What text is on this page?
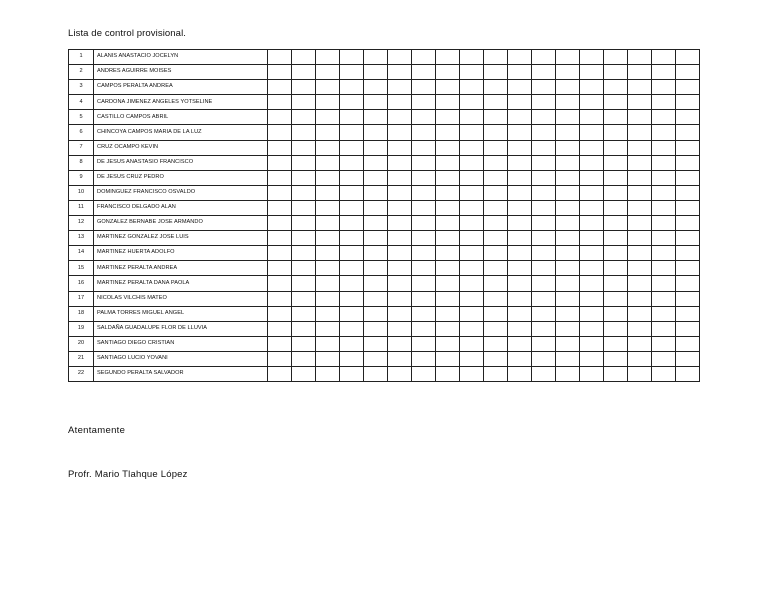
Lista de control provisional.
1	ALANIS ANASTACIO JOCELYN																		
2	ANDRES AGUIRRE MOISES																		
3	CAMPOS PERALTA ANDREA																		
4	CARDONA JIMENEZ ANGELES YOTSELINE																		
5	CASTILLO CAMPOS ABRIL																		
6	CHINCOYA CAMPOS MARIA DE LA LUZ																		
7	CRUZ OCAMPO KEVIN																		
8	DE JESUS ANASTASIO FRANCISCO																		
9	DE JESUS CRUZ PEDRO																		
10	DOMINGUEZ FRANCISCO OSVALDO																		
11	FRANCISCO DELGADO ALAN																		
12	GONZALEZ BERNABE JOSE ARMANDO																		
13	MARTINEZ GONZALEZ JOSE LUIS																		
14	MARTINEZ HUERTA ADOLFO																		
15	MARTINEZ PERALTA ANDREA																		
16	MARTINEZ PERALTA DANA PAOLA																		
17	NICOLAS VILCHIS MATEO																		
18	PALMA TORRES MIGUEL ANGEL																		
19	SALDAÑA GUADALUPE FLOR DE LLUVIA																		
20	SANTIAGO DIEGO CRISTIAN																		
21	SANTIAGO LUCIO YOVANI																		
22	SEGUNDO PERALTA SALVADOR																		
Atentamente
Profr. Mario Tlahque López
